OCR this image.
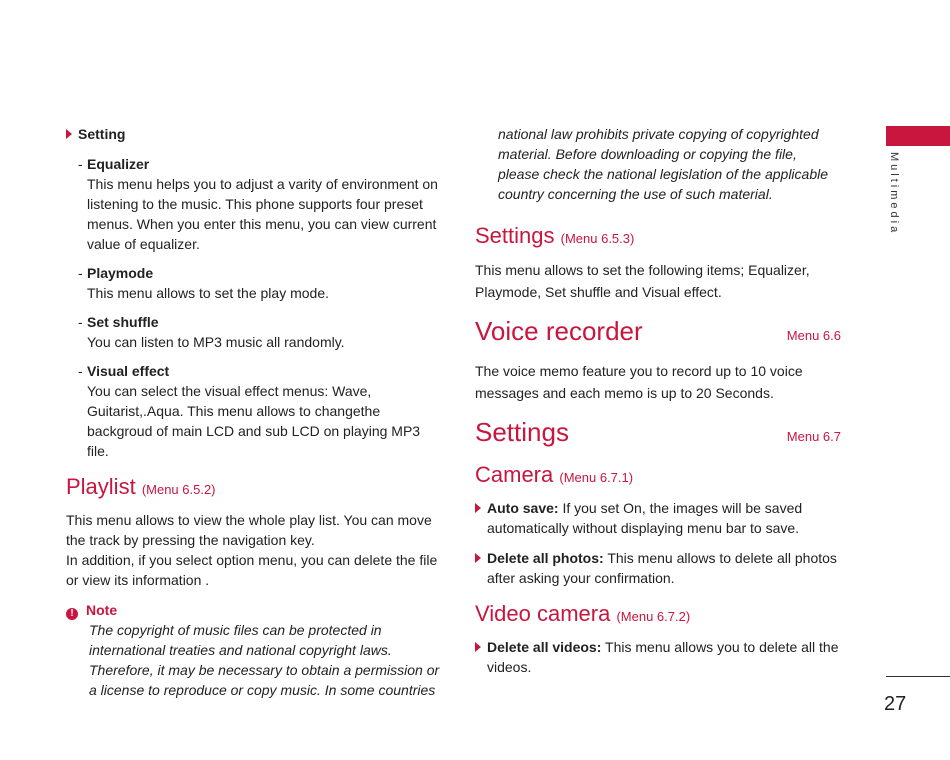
Multimedia
27
Setting
- Equalizer
This menu helps you to adjust a varity of environment on listening to the music. This phone supports four preset menus. When you enter this menu, you can view current value of equalizer.
- Playmode
This menu allows to set the play mode.
- Set shuffle
You can listen to MP3 music all randomly.
- Visual effect
You can select the visual effect menus: Wave, Guitarist,.Aqua. This menu allows to changethe backgroud of main LCD and sub LCD on playing MP3 file.
Playlist (Menu 6.5.2)
This menu allows to view the whole play list. You can move the track by pressing the navigation key.

In addition, if you select option menu, you can delete the file or view its information .

! Note
The copyright of music files can be protected in international treaties and national copyright laws. Therefore, it may be necessary to obtain a permission or a license to reproduce or copy music. In some countries
national law prohibits private copying of copyrighted material. Before downloading or copying the file, please check the national legislation of the applicable country concerning the use of such material.
Settings (Menu 6.5.3)

This menu allows to set the following items; Equalizer, Playmode, Set shuffle and Visual effect.

Voice recorder	Menu 6.6

The voice memo feature you to record up to 10 voice messages and each memo is up to 20 Seconds.

Settings	Menu 6.7
Camera (Menu 6.7.1)
Auto save: If you set On, the images will be saved automatically without displaying menu bar to save.
Delete all photos: This menu allows to delete all photos after asking your confirmation.
Video camera (Menu 6.7.2)
Delete all videos: This menu allows you to delete all the videos.
